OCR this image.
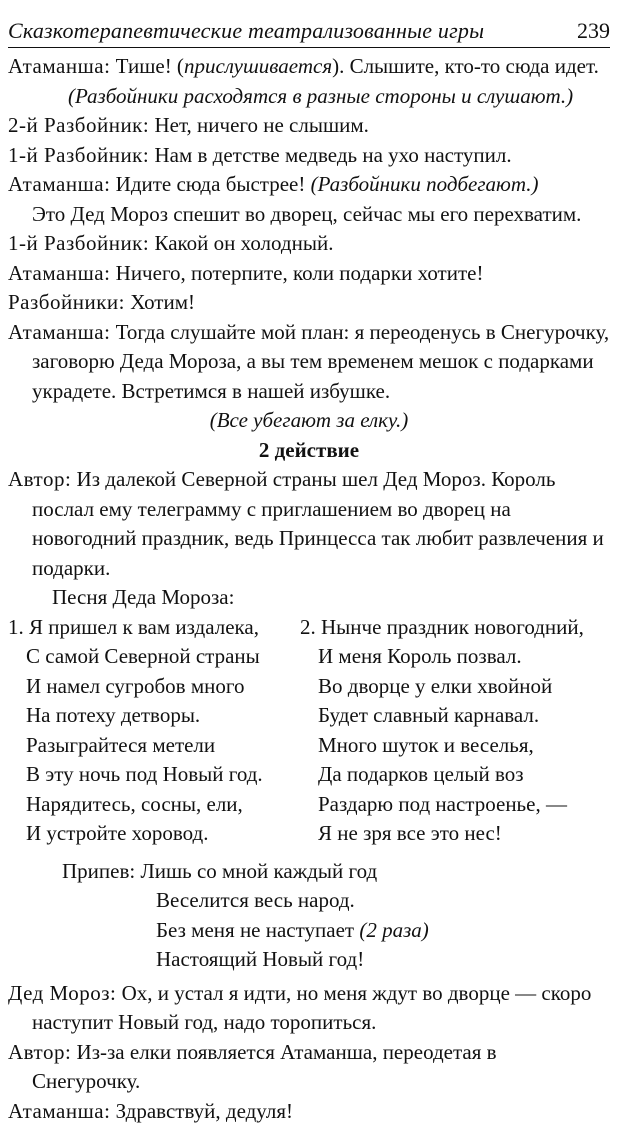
Сказкотерапевтические театрализованные игры	239

Атаманша: Тише! (прислушивается). Слышите, кто-то сюда идет.

(Разбойники расходятся в разные стороны и слушают.)

2-й Разбойник: Нет, ничего не слышим.

1-й Разбойник: Нам в детстве медведь на ухо наступил.

Атаманша: Идите сюда быстрее! (Разбойники подбегают.)

Это Дед Мороз спешит во дворец, сейчас мы его перехватим.

1-й Разбойник: Какой он холодный.

Атаманша: Ничего, потерпите, коли подарки хотите!

Разбойники: Хотим!

Атаманша: Тогда слушайте мой план: я переоденусь в Снегурочку, заговорю Деда Мороза, а вы тем временем мешок с подарками украдете. Встретимся в нашей избушке.

(Все убегают за елку.)

2 действие

Автор: Из далекой Северной страны шел Дед Мороз. Король послал ему телеграмму с приглашением во дворец на новогодний праздник, ведь Принцесса так любит развлечения и подарки.

Песня Деда Мороза:

1. Я пришел к вам издалека,
С самой Северной страны
И намел сугробов много
На потеху детворы.
Разыграйтеся метели
В эту ночь под Новый год.
Нарядитесь, сосны, ели,
И устройте хоровод.
2. Нынче праздник новогодний,
И меня Король позвал.
Во дворце у елки хвойной
Будет славный карнавал.
Много шуток и веселья,
Да подарков целый воз
Раздарю под настроенье, —
Я не зря все это нес!
Припев: Лишь со мной каждый год
Веселится весь народ.
Без меня не наступает (2 раза)
Настоящий Новый год!

Дед Мороз: Ох, и устал я идти, но меня ждут во дворце — скоро наступит Новый год, надо торопиться.

Автор: Из-за елки появляется Атаманша, переодетая в Снегурочку.

Атаманша: Здравствуй, дедуля!
